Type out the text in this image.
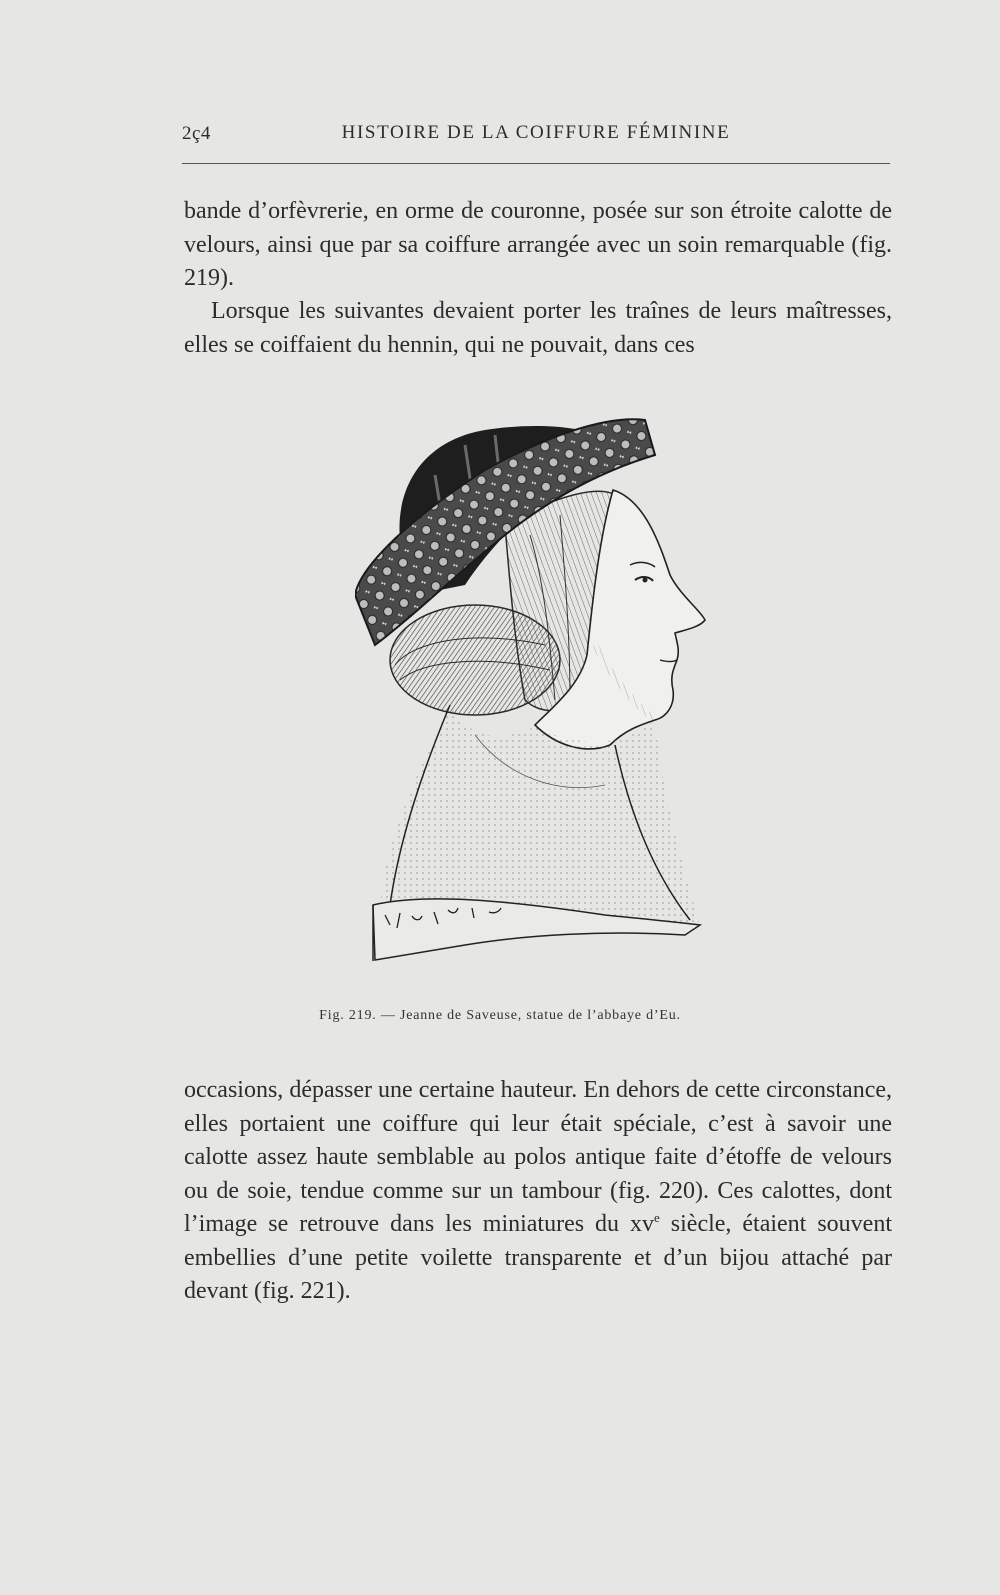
2ç4	HISTOIRE DE LA COIFFURE FÉMININE

bande d’orfèvrerie, en orme de couronne, posée sur son étroite calotte de velours, ainsi que par sa coiffure arrangée avec un soin remarquable (fig. 219).

Lorsque les suivantes devaient porter les traînes de leurs maîtresses, elles se coiffaient du hennin, qui ne pouvait, dans ces

Fig. 219. — Jeanne de Saveuse, statue de l’abbaye d’Eu.

occasions, dépasser une certaine hauteur. En dehors de cette circonstance, elles portaient une coiffure qui leur était spéciale, c’est à savoir une calotte assez haute semblable au polos antique faite d’étoffe de velours ou de soie, tendue comme sur un tambour (fig. 220). Ces calottes, dont l’image se retrouve dans les miniatures du $xv^e$ siècle, étaient souvent embellies d’une petite voilette transparente et d’un bijou attaché par devant (fig. 221).
